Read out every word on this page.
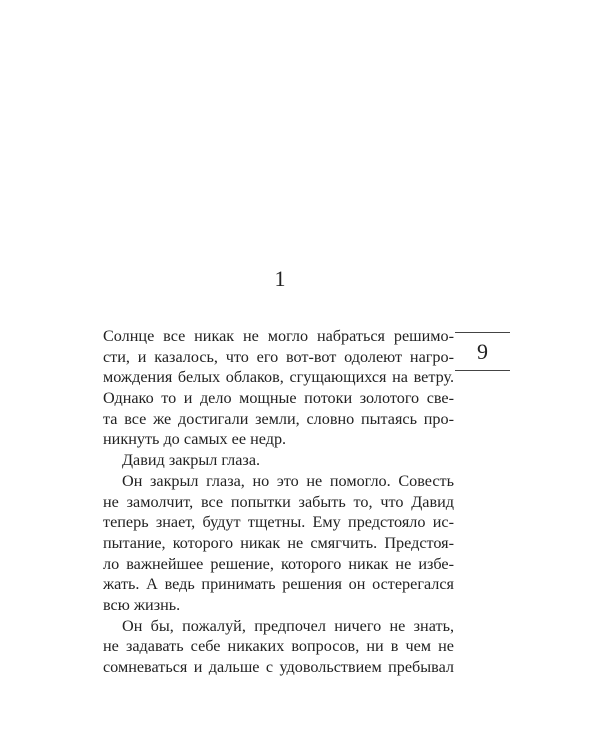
1
9
Солнце все никак не могло набраться решимо-
сти, и казалось, что его вот-вот одолеют нагро-
мождения белых облаков, сгущающихся на ветру.
Однако то и дело мощные потоки золотого све-
та все же достигали земли, словно пытаясь про-
никнуть до самых ее недр.
Давид закрыл глаза.
Он закрыл глаза, но это не помогло. Совесть
не замолчит, все попытки забыть то, что Давид
теперь знает, будут тщетны. Ему предстояло ис-
пытание, которого никак не смягчить. Предстоя-
ло важнейшее решение, которого никак не избе-
жать. А ведь принимать решения он остерегался
всю жизнь.
Он бы, пожалуй, предпочел ничего не знать,
не задавать себе никаких вопросов, ни в чем не
сомневаться и дальше с удовольствием пребывал
